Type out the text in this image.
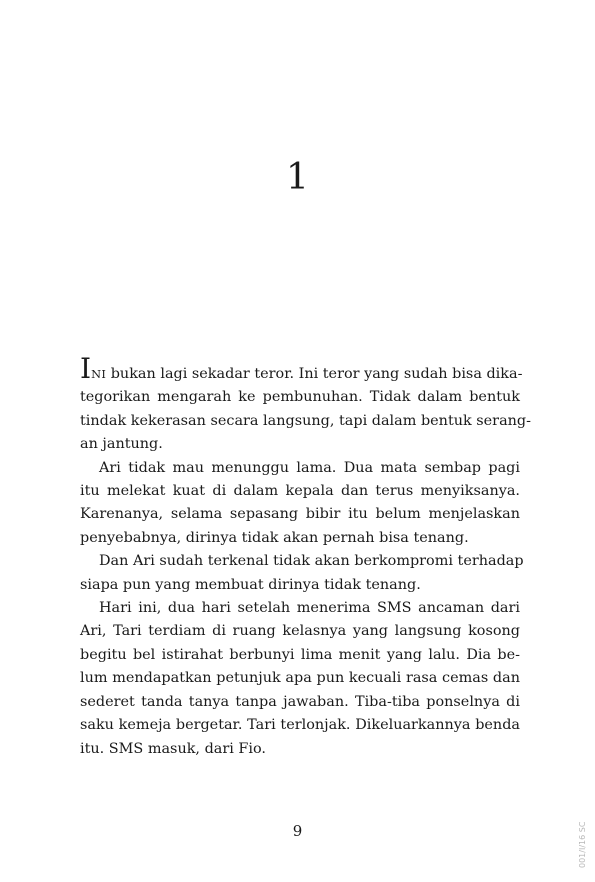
1

INI bukan lagi sekadar teror. Ini teror yang sudah bisa dika-
tegorikan mengarah ke pembunuhan. Tidak dalam bentuk
tindak kekerasan secara langsung, tapi dalam bentuk serang-
an jantung.

Ari tidak mau menunggu lama. Dua mata sembap pagi
itu melekat kuat di dalam kepala dan terus menyiksanya.
Karenanya, selama sepasang bibir itu belum menjelaskan
penyebabnya, dirinya tidak akan pernah bisa tenang.

Dan Ari sudah terkenal tidak akan berkompromi terhadap
siapa pun yang membuat dirinya tidak tenang.

Hari ini, dua hari setelah menerima SMS ancaman dari
Ari, Tari terdiam di ruang kelasnya yang langsung kosong
begitu bel istirahat berbunyi lima menit yang lalu. Dia be-
lum mendapatkan petunjuk apa pun kecuali rasa cemas dan
sederet tanda tanya tanpa jawaban. Tiba-tiba ponselnya di
saku kemeja bergetar. Tari terlonjak. Dikeluarkannya benda
itu. SMS masuk, dari Fio.

9	001/I/16 SC
